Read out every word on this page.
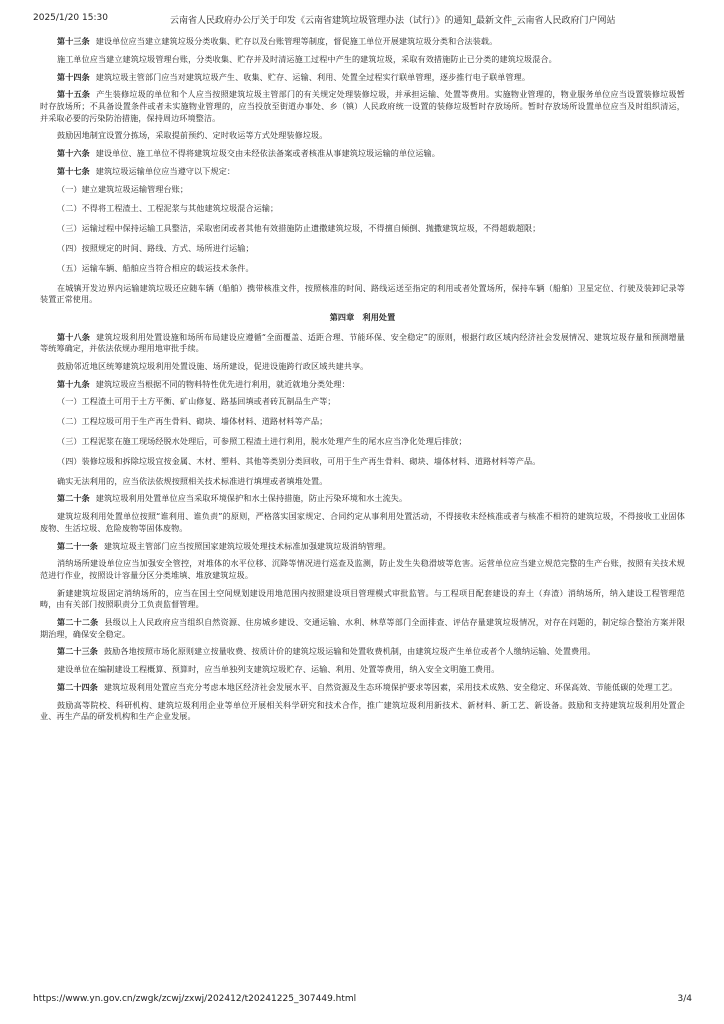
2025/1/20 15:30	云南省人民政府办公厅关于印发《云南省建筑垃圾管理办法（试行）》的通知_最新文件_云南省人民政府门户网站

第十三条 建设单位应当建立建筑垃圾分类收集、贮存以及台账管理等制度，督促施工单位开展建筑垃圾分类和合法装载。

施工单位应当建立建筑垃圾管理台账，分类收集、贮存并及时清运施工过程中产生的建筑垃圾，采取有效措施防止已分类的建筑垃圾混合。

第十四条 建筑垃圾主管部门应当对建筑垃圾产生、收集、贮存、运输、利用、处置全过程实行联单管理，逐步推行电子联单管理。

第十五条 产生装修垃圾的单位和个人应当按照建筑垃圾主管部门的有关规定处理装修垃圾，并承担运输、处置等费用。实施物业管理的，物业服务单位应当设置装修垃圾暂时存放场所；不具备设置条件或者未实施物业管理的，应当投放至街道办事处、乡（镇）人民政府统一设置的装修垃圾暂时存放场所。暂时存放场所设置单位应当及时组织清运，并采取必要的污染防治措施，保持周边环境整洁。

鼓励因地制宜设置分拣场，采取提前预约、定时收运等方式处理装修垃圾。

第十六条 建设单位、施工单位不得将建筑垃圾交由未经依法备案或者核准从事建筑垃圾运输的单位运输。

第十七条 建筑垃圾运输单位应当遵守以下规定：

（一）建立建筑垃圾运输管理台账；

（二）不得将工程渣土、工程泥浆与其他建筑垃圾混合运输；

（三）运输过程中保持运输工具整洁，采取密闭或者其他有效措施防止遗撒建筑垃圾，不得擅自倾倒、抛撒建筑垃圾，不得超载超限；

（四）按照规定的时间、路线、方式、场所进行运输；

（五）运输车辆、船舶应当符合相应的载运技术条件。

在城镇开发边界内运输建筑垃圾还应随车辆（船舶）携带核准文件，按照核准的时间、路线运送至指定的利用或者处置场所，保持车辆（船舶）卫星定位、行驶及装卸记录等装置正常使用。

第四章　利用处置

第十八条 建筑垃圾利用处置设施和场所布局建设应遵循“全面覆盖、适距合理、节能环保、安全稳定”的原则，根据行政区域内经济社会发展情况、建筑垃圾存量和预测增量等统筹确定，并依法依规办理用地审批手续。

鼓励邻近地区统筹建筑垃圾利用处置设施、场所建设，促进设施跨行政区域共建共享。

第十九条 建筑垃圾应当根据不同的物料特性优先进行利用，就近就地分类处理：

（一）工程渣土可用于土方平衡、矿山修复、路基回填或者砖瓦制品生产等；

（二）工程垃圾可用于生产再生骨料、砌块、墙体材料、道路材料等产品；

（三）工程泥浆在施工现场经脱水处理后，可参照工程渣土进行利用，脱水处理产生的尾水应当净化处理后排放；

（四）装修垃圾和拆除垃圾宜按金属、木材、塑料、其他等类别分类回收，可用于生产再生骨料、砌块、墙体材料、道路材料等产品。

确实无法利用的，应当依法依规按照相关技术标准进行填埋或者填堆处置。

第二十条 建筑垃圾利用处置单位应当采取环境保护和水土保持措施，防止污染环境和水土流失。

建筑垃圾利用处置单位按照“谁利用、谁负责”的原则，严格落实国家规定、合同约定从事利用处置活动，不得接收未经核准或者与核准不相符的建筑垃圾，不得接收工业固体废物、生活垃圾、危险废物等固体废物。

第二十一条 建筑垃圾主管部门应当按照国家建筑垃圾处理技术标准加强建筑垃圾消纳管理。

消纳场所建设单位应当加强安全管控，对堆体的水平位移、沉降等情况进行巡查及监测，防止发生失稳滑坡等危害。运营单位应当建立规范完整的生产台账，按照有关技术规范进行作业，按照设计容量分区分类堆填、堆放建筑垃圾。

新建建筑垃圾固定消纳场所的，应当在国土空间规划建设用地范围内按照建设项目管理模式审批监管。与工程项目配套建设的弃土（弃渣）消纳场所，纳入建设工程管理范畴，由有关部门按照职责分工负责监督管理。

第二十二条 县级以上人民政府应当组织自然资源、住房城乡建设、交通运输、水利、林草等部门全面排查、评估存量建筑垃圾情况，对存在问题的，制定综合整治方案并限期治理，确保安全稳定。

第二十三条 鼓励各地按照市场化原则建立按量收费、按质计价的建筑垃圾运输和处置收费机制，由建筑垃圾产生单位或者个人缴纳运输、处置费用。

建设单位在编制建设工程概算、预算时，应当单独列支建筑垃圾贮存、运输、利用、处置等费用，纳入安全文明施工费用。

第二十四条 建筑垃圾利用处置应当充分考虑本地区经济社会发展水平、自然资源及生态环境保护要求等因素，采用技术成熟、安全稳定、环保高效、节能低碳的处理工艺。

鼓励高等院校、科研机构、建筑垃圾利用企业等单位开展相关科学研究和技术合作，推广建筑垃圾利用新技术、新材料、新工艺、新设备。鼓励和支持建筑垃圾利用处置企业、再生产品的研发机构和生产企业发展。

https://www.yn.gov.cn/zwgk/zcwj/zxwj/202412/t20241225_307449.html	3/4
